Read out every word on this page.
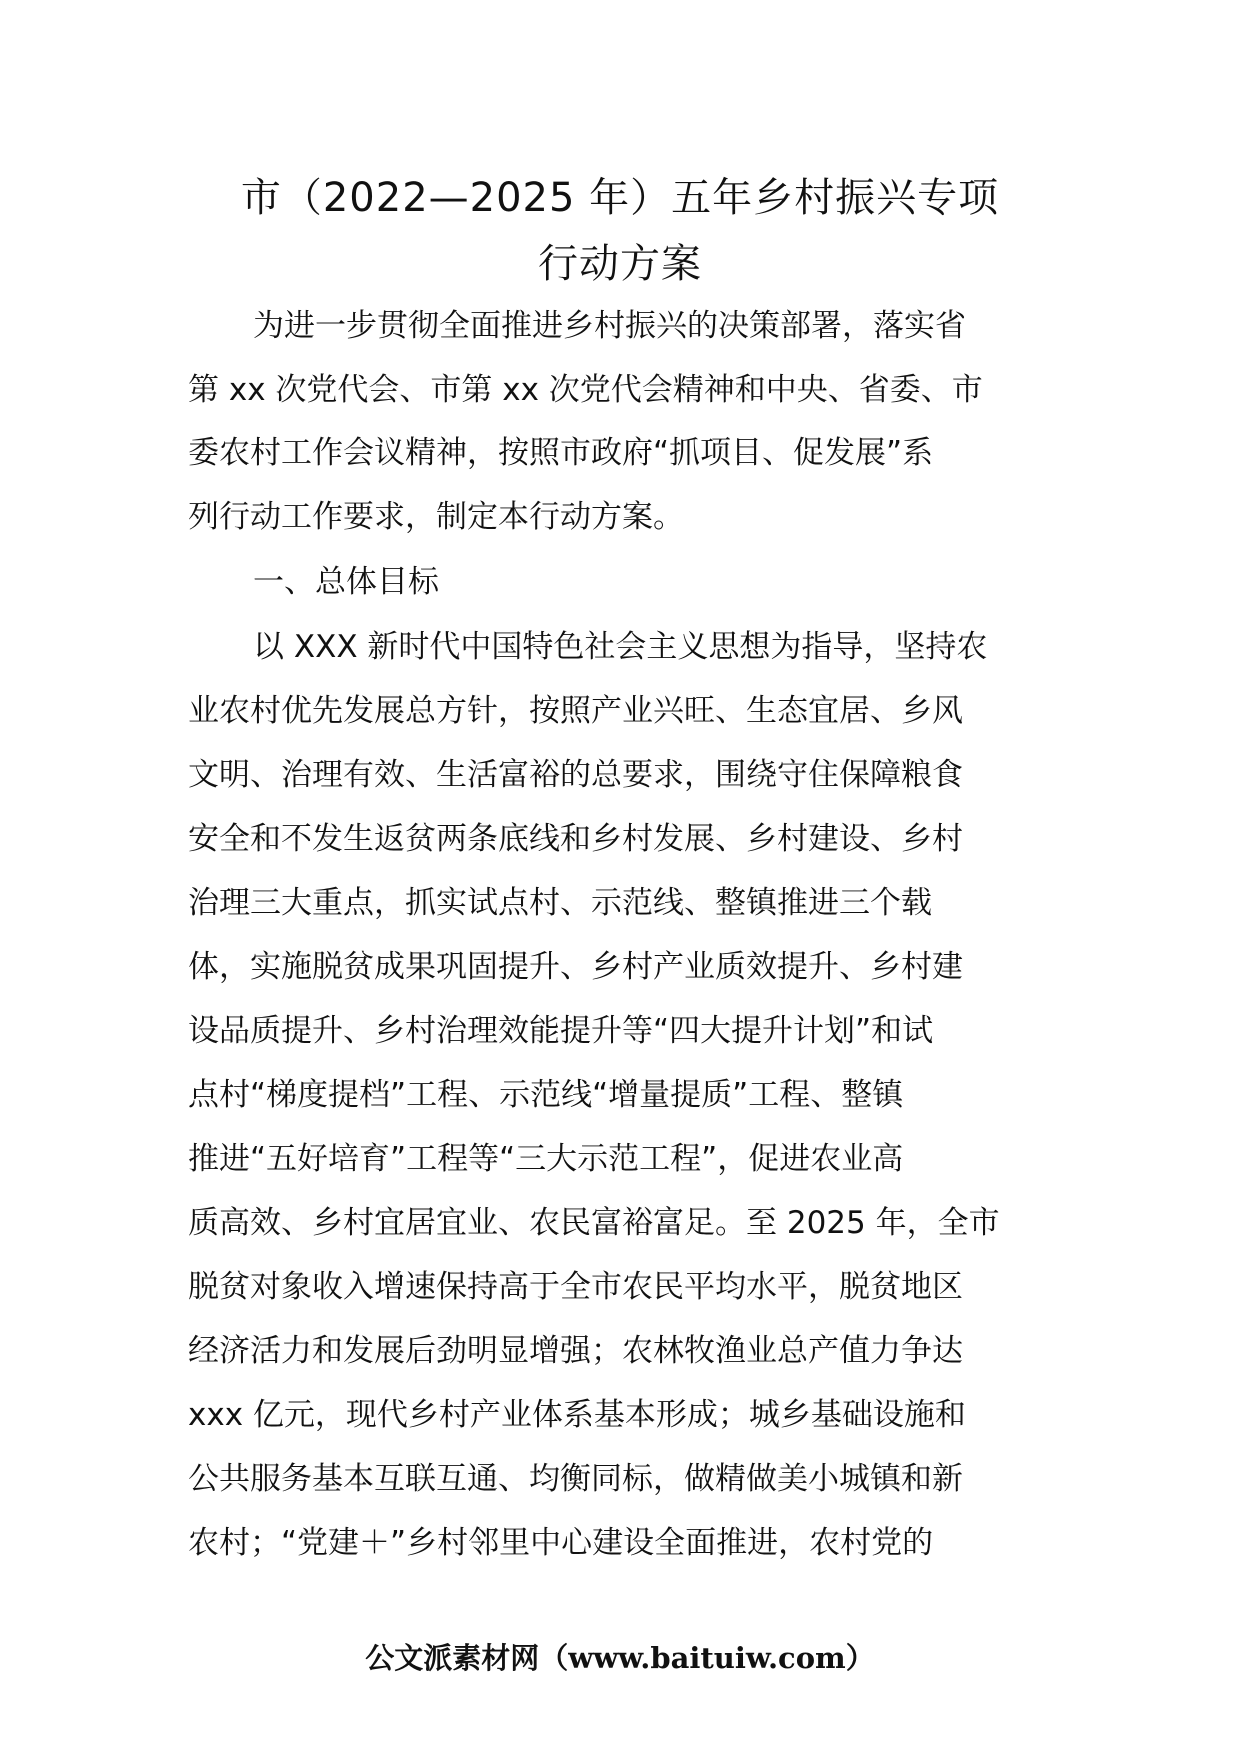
市（2022—2025 年）五年乡村振兴专项
行动方案

为进一步贯彻全面推进乡村振兴的决策部署，落实省

第 xx 次党代会、市第 xx 次党代会精神和中央、省委、市

委农村工作会议精神，按照市政府“抓项目、促发展”系

列行动工作要求，制定本行动方案。

一、总体目标

以 XXX 新时代中国特色社会主义思想为指导，坚持农

业农村优先发展总方针，按照产业兴旺、生态宜居、乡风

文明、治理有效、生活富裕的总要求，围绕守住保障粮食

安全和不发生返贫两条底线和乡村发展、乡村建设、乡村

治理三大重点，抓实试点村、示范线、整镇推进三个载

体，实施脱贫成果巩固提升、乡村产业质效提升、乡村建

设品质提升、乡村治理效能提升等“四大提升计划”和试

点村“梯度提档”工程、示范线“增量提质”工程、整镇

推进“五好培育”工程等“三大示范工程”，促进农业高

质高效、乡村宜居宜业、农民富裕富足。至 2025 年，全市

脱贫对象收入增速保持高于全市农民平均水平，脱贫地区

经济活力和发展后劲明显增强；农林牧渔业总产值力争达

xxx 亿元，现代乡村产业体系基本形成；城乡基础设施和

公共服务基本互联互通、均衡同标，做精做美小城镇和新

农村；“党建＋”乡村邻里中心建设全面推进，农村党的

公文派素材网（www.baituiw.com）
